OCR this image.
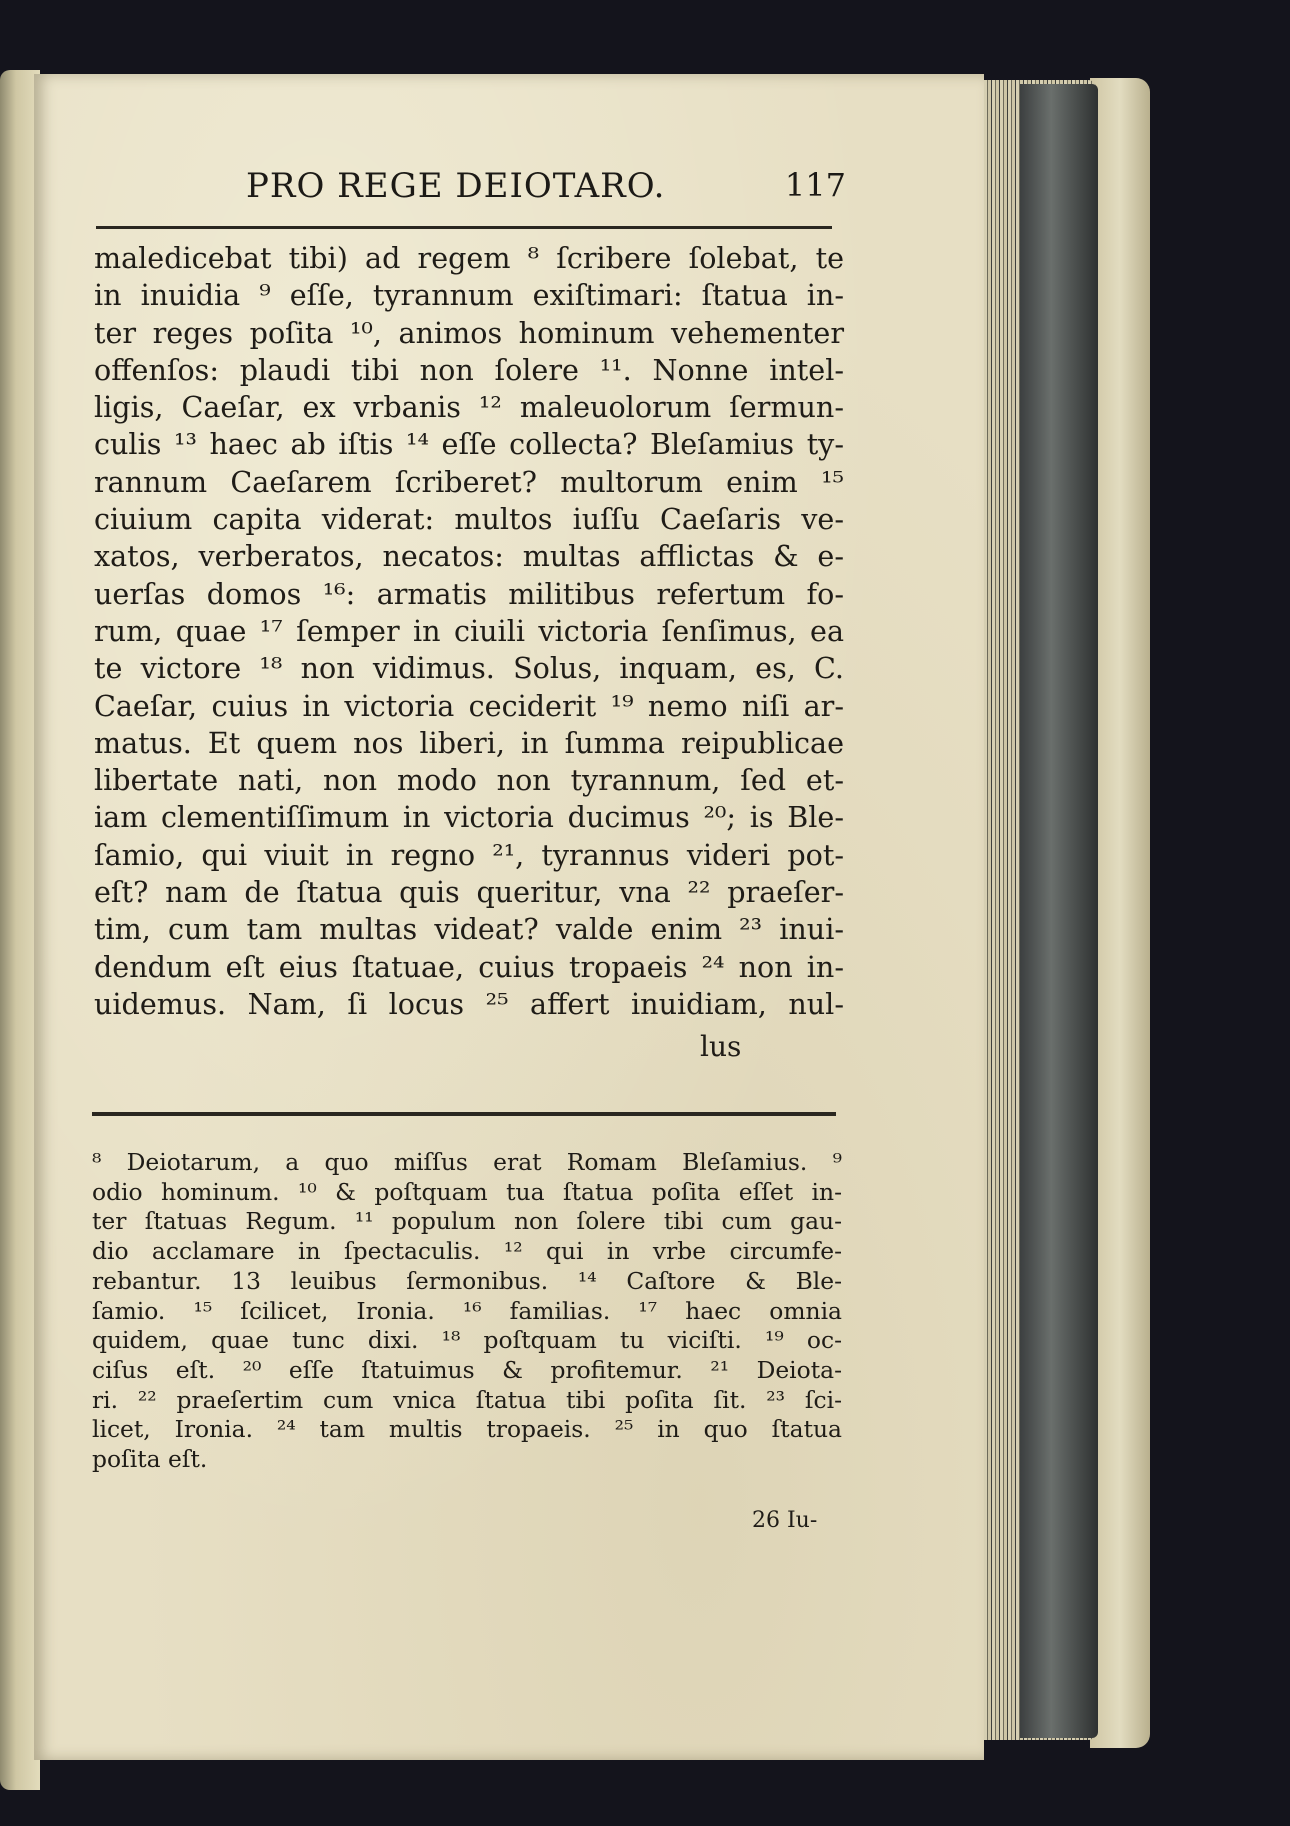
PRO REGE DEIOTARO.	117
maledicebat tibi) ad regem ⁸ ſcribere ſolebat, te
in inuidia ⁹ eſſe, tyrannum exiſtimari: ſtatua in-
ter reges poſita ¹⁰, animos hominum vehementer
offenſos: plaudi tibi non ſolere ¹¹. Nonne intel-
ligis, Caeſar, ex vrbanis ¹² maleuolorum ſermun-
culis ¹³ haec ab iſtis ¹⁴ eſſe collecta? Bleſamius ty-
rannum Caeſarem ſcriberet? multorum enim ¹⁵
ciuium capita viderat: multos iuſſu Caeſaris ve-
xatos, verberatos, necatos: multas afflictas & e-
uerſas domos ¹⁶: armatis militibus refertum fo-
rum, quae ¹⁷ ſemper in ciuili victoria ſenſimus, ea
te victore ¹⁸ non vidimus. Solus, inquam, es, C.
Caeſar, cuius in victoria ceciderit ¹⁹ nemo niſi ar-
matus. Et quem nos liberi, in ſumma reipublicae
libertate nati, non modo non tyrannum, ſed et-
iam clementiſſimum in victoria ducimus ²⁰; is Ble-
ſamio, qui viuit in regno ²¹, tyrannus videri pot-
eſt? nam de ſtatua quis queritur, vna ²² praeſer-
tim, cum tam multas videat? valde enim ²³ inui-
dendum eſt eius ſtatuae, cuius tropaeis ²⁴ non in-
uidemus. Nam, ſi locus ²⁵ affert inuidiam, nul-
lus
⁸ Deiotarum, a quo miſſus erat Romam Bleſamius. ⁹
odio hominum. ¹⁰ & poſtquam tua ſtatua poſita eſſet in-
ter ſtatuas Regum. ¹¹ populum non ſolere tibi cum gau-
dio acclamare in ſpectaculis. ¹² qui in vrbe circumfe-
rebantur. 13 leuibus ſermonibus. ¹⁴ Caſtore & Ble-
ſamio. ¹⁵ ſcilicet, Ironia. ¹⁶ familias. ¹⁷ haec omnia
quidem, quae tunc dixi. ¹⁸ poſtquam tu viciſti. ¹⁹ oc-
ciſus eſt. ²⁰ eſſe ſtatuimus & profitemur. ²¹ Deiota-
ri. ²² praeſertim cum vnica ſtatua tibi poſita ſit. ²³ ſci-
licet, Ironia. ²⁴ tam multis tropaeis. ²⁵ in quo ſtatua
poſita eſt.
26 Iu-
